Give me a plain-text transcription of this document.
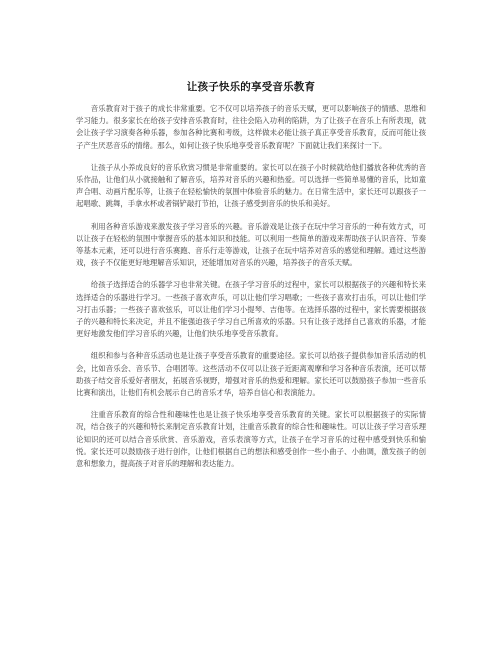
让孩子快乐的享受音乐教育

音乐教育对于孩子的成长非常重要。它不仅可以培养孩子的音乐天赋，更可以影响孩子的情感、思维和学习能力。很多家长在给孩子安排音乐教育时，往往会陷入功利的陷阱，为了让孩子在音乐上有所表现，就会让孩子学习演奏各种乐器，参加各种比赛和考级，这样做未必能让孩子真正享受音乐教育，反而可能让孩子产生厌恶音乐的情绪。那么，如何让孩子快乐地享受音乐教育呢？下面就让我们来探讨一下。

让孩子从小养成良好的音乐欣赏习惯是非常重要的。家长可以在孩子小时候就给他们播放各种优秀的音乐作品，让他们从小就接触和了解音乐，培养对音乐的兴趣和热爱。可以选择一些简单易懂的音乐，比如童声合唱、动画片配乐等，让孩子在轻松愉快的氛围中体验音乐的魅力。在日常生活中，家长还可以跟孩子一起唱歌、跳舞，手拿水杯或者锅铲敲打节拍，让孩子感受到音乐的快乐和美好。

利用各种音乐游戏来激发孩子学习音乐的兴趣。音乐游戏是让孩子在玩中学习音乐的一种有效方式，可以让孩子在轻松的氛围中掌握音乐的基本知识和技能。可以利用一些简单的游戏来帮助孩子认识音符、节奏等基本元素，还可以进行音乐赛跑、音乐行走等游戏，让孩子在玩中培养对音乐的感觉和理解。通过这些游戏，孩子不仅能更好地理解音乐知识，还能增加对音乐的兴趣，培养孩子的音乐天赋。

给孩子选择适合的乐器学习也非常关键。在孩子学习音乐的过程中，家长可以根据孩子的兴趣和特长来选择适合的乐器进行学习。一些孩子喜欢声乐，可以让他们学习唱歌；一些孩子喜欢打击乐，可以让他们学习打击乐器；一些孩子喜欢弦乐，可以让他们学习小提琴、吉他等。在选择乐器的过程中，家长需要根据孩子的兴趣和特长来决定，并且不能强迫孩子学习自己所喜欢的乐器。只有让孩子选择自己喜欢的乐器，才能更好地激发他们学习音乐的兴趣，让他们快乐地享受音乐教育。

组织和参与各种音乐活动也是让孩子享受音乐教育的重要途径。家长可以给孩子提供参加音乐活动的机会，比如音乐会、音乐节、合唱团等。这些活动不仅可以让孩子近距离观摩和学习各种音乐表演，还可以帮助孩子结交音乐爱好者朋友，拓展音乐视野，增强对音乐的热爱和理解。家长还可以鼓励孩子参加一些音乐比赛和演出，让他们有机会展示自己的音乐才华，培养自信心和表演能力。

注重音乐教育的综合性和趣味性也是让孩子快乐地享受音乐教育的关键。家长可以根据孩子的实际情况，结合孩子的兴趣和特长来制定音乐教育计划，注重音乐教育的综合性和趣味性。可以让孩子学习音乐理论知识的还可以结合音乐欣赏、音乐游戏，音乐表演等方式，让孩子在学习音乐的过程中感受到快乐和愉悦。家长还可以鼓励孩子进行创作，让他们根据自己的想法和感受创作一些小曲子、小曲调，激发孩子的创意和想象力，提高孩子对音乐的理解和表达能力。
